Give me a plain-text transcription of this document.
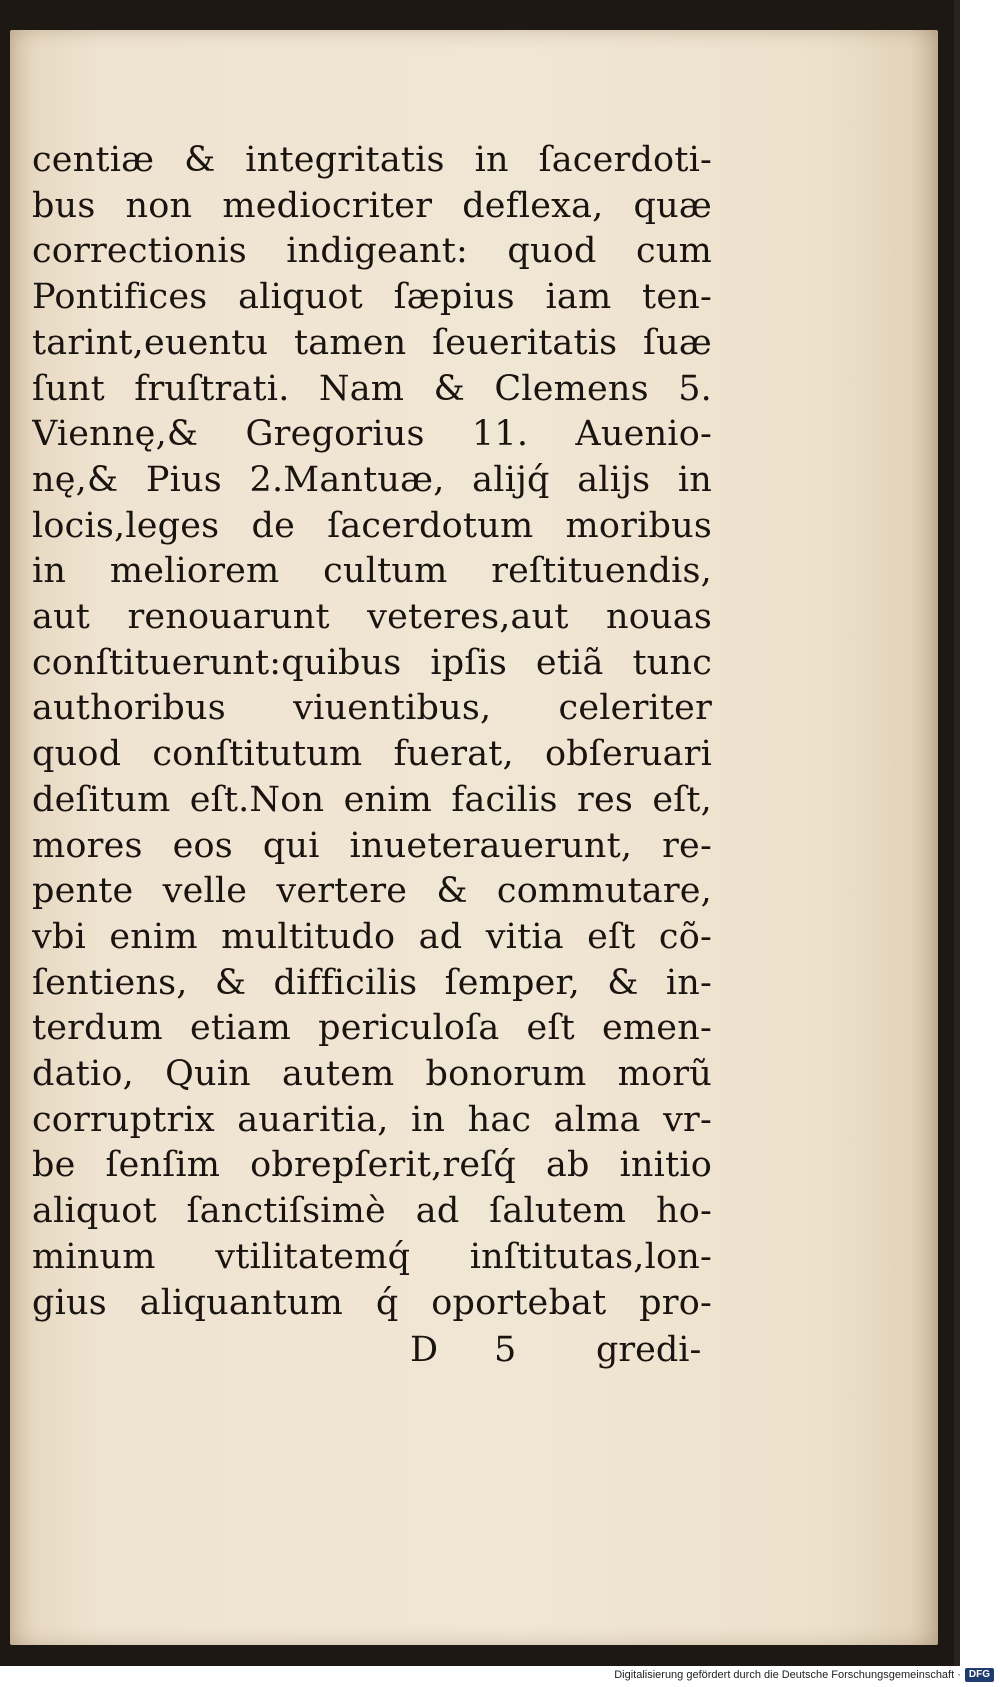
centiæ & integritatis in ſacerdoti-
bus non mediocriter deflexa, quæ
correctionis indigeant: quod cum
Pontifices aliquot ſæpius iam ten-
tarint,euentu tamen ſeueritatis ſuæ
ſunt fruſtrati. Nam & Clemens 5.
Viennę,& Gregorius 11. Auenio-
nę,& Pius 2.Mantuæ, alijq́ alijs in
locis,leges de ſacerdotum moribus
in meliorem cultum reſtituendis,
aut renouarunt veteres,aut nouas
conſtituerunt:quibus ipſis etiã tunc
authoribus viuentibus, celeriter
quod conſtitutum fuerat, obſeruari
deſitum eſt.Non enim facilis res eſt,
mores eos qui inueterauerunt, re-
pente velle vertere & commutare,
vbi enim multitudo ad vitia eſt cõ-
ſentiens, & difficilis ſemper, & in-
terdum etiam periculoſa eſt emen-
datio, Quin autem bonorum morũ
corruptrix auaritia, in hac alma vr-
be ſenſim obrepſerit,reſq́ ab initio
aliquot ſanctiſsimè ad ſalutem ho-
minum vtilitatemq́ inſtitutas,lon-
gius aliquantum q́ oportebat pro-
D 5 gredi-
Digitalisierung gefördert durch die Deutsche Forschungsgemeinschaft · DFG
